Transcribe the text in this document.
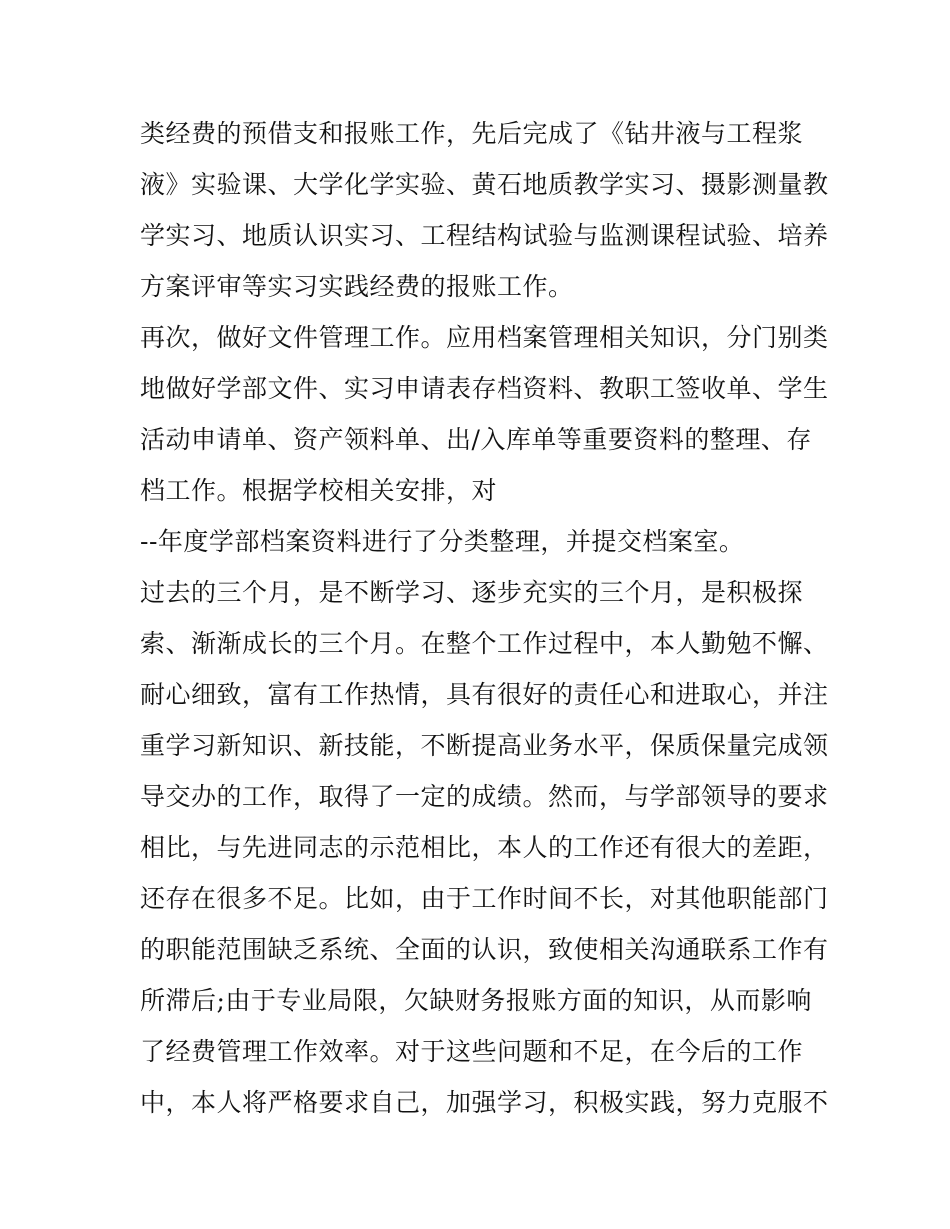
类经费的预借支和报账工作，先后完成了《钻井液与工程浆
液》实验课、大学化学实验、黄石地质教学实习、摄影测量教
学实习、地质认识实习、工程结构试验与监测课程试验、培养
方案评审等实习实践经费的报账工作。
再次，做好文件管理工作。应用档案管理相关知识，分门别类
地做好学部文件、实习申请表存档资料、教职工签收单、学生
活动申请单、资产领料单、出/入库单等重要资料的整理、存
档工作。根据学校相关安排，对
--年度学部档案资料进行了分类整理，并提交档案室。
过去的三个月，是不断学习、逐步充实的三个月，是积极探
索、渐渐成长的三个月。在整个工作过程中，本人勤勉不懈、
耐心细致，富有工作热情，具有很好的责任心和进取心，并注
重学习新知识、新技能，不断提高业务水平，保质保量完成领
导交办的工作，取得了一定的成绩。然而，与学部领导的要求
相比，与先进同志的示范相比，本人的工作还有很大的差距，
还存在很多不足。比如，由于工作时间不长，对其他职能部门
的职能范围缺乏系统、全面的认识，致使相关沟通联系工作有
所滞后;由于专业局限，欠缺财务报账方面的知识，从而影响
了经费管理工作效率。对于这些问题和不足，在今后的工作
中，本人将严格要求自己，加强学习，积极实践，努力克服不
